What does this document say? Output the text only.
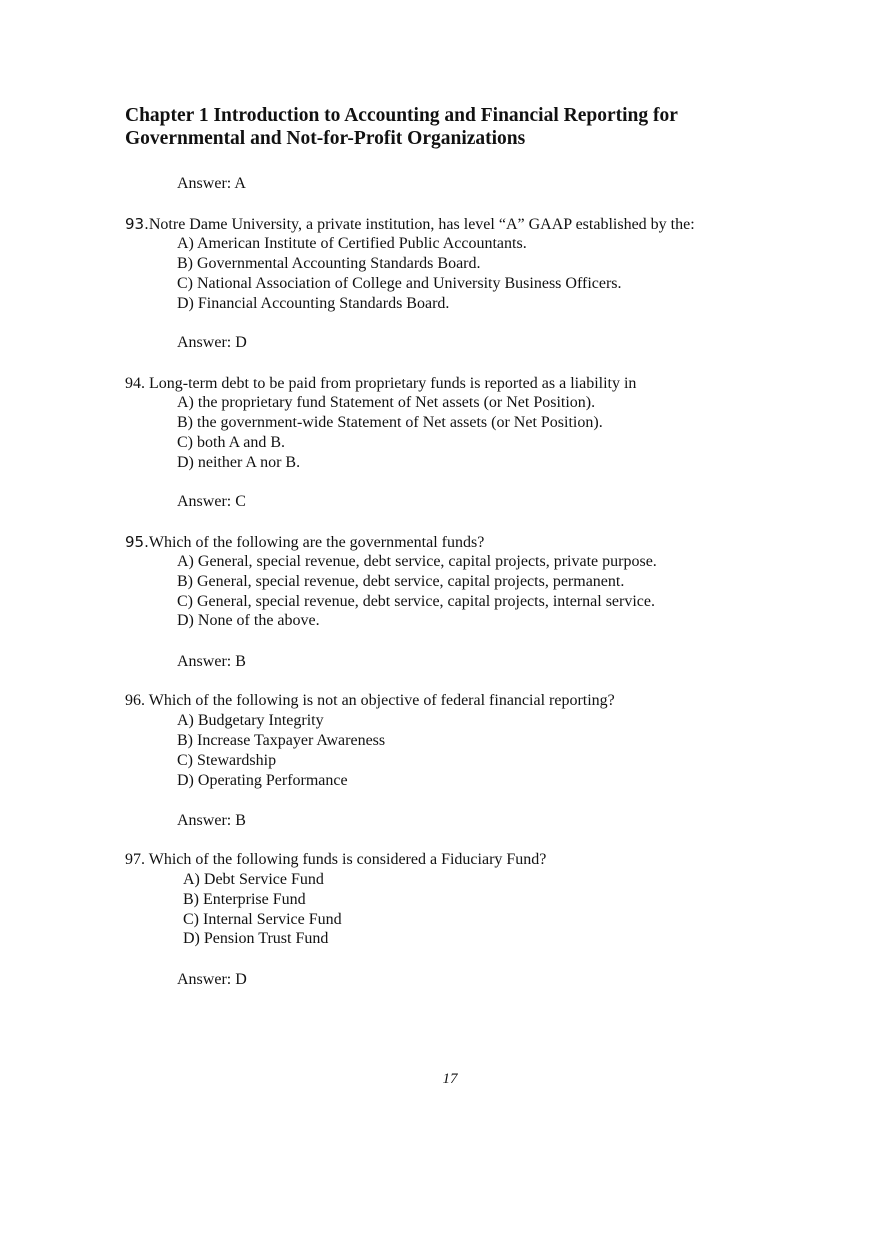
Chapter 1 Introduction to Accounting and Financial Reporting for
Governmental and Not-for-Profit Organizations
Answer: A
93.Notre Dame University, a private institution, has level “A” GAAP established by the:
A) American Institute of Certified Public Accountants.
B) Governmental Accounting Standards Board.
C) National Association of College and University Business Officers.
D) Financial Accounting Standards Board.
Answer: D
94. Long-term debt to be paid from proprietary funds is reported as a liability in
A) the proprietary fund Statement of Net assets (or Net Position).
B) the government-wide Statement of Net assets (or Net Position).
C) both A and B.
D) neither A nor B.
Answer: C
95.Which of the following are the governmental funds?
A) General, special revenue, debt service, capital projects, private purpose.
B) General, special revenue, debt service, capital projects, permanent.
C) General, special revenue, debt service, capital projects, internal service.
D) None of the above.
Answer: B
96. Which of the following is not an objective of federal financial reporting?
A) Budgetary Integrity
B) Increase Taxpayer Awareness
C) Stewardship
D) Operating Performance
Answer: B
97. Which of the following funds is considered a Fiduciary Fund?
A) Debt Service Fund
B) Enterprise Fund
C) Internal Service Fund
D) Pension Trust Fund
Answer: D
17
